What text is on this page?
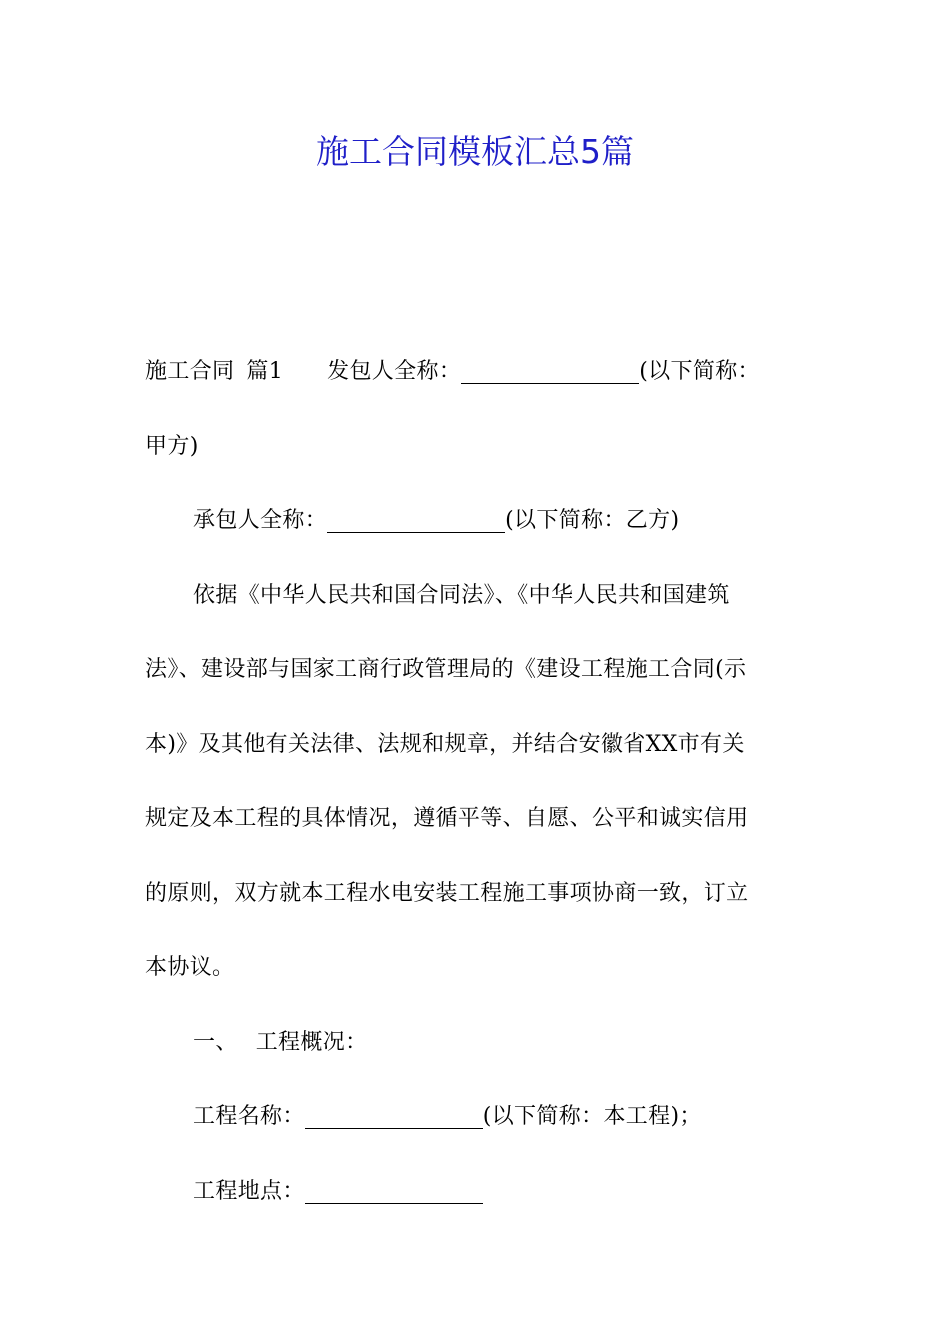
施工合同模板汇总5篇
施工合同 篇1 发包人全称：	(以下简称：
甲方)
承包人全称：	(以下简称：乙方)
依据《中华人民共和国合同法》、《中华人民共和国建筑
法》、建设部与国家工商行政管理局的《建设工程施工合同(示
本)》及其他有关法律、法规和规章，并结合安徽省XX市有关
规定及本工程的具体情况，遵循平等、自愿、公平和诚实信用
的原则，双方就本工程水电安装工程施工事项协商一致，订立
本协议。
一、 工程概况：
工程名称：	(以下简称：本工程)；
工程地点：
